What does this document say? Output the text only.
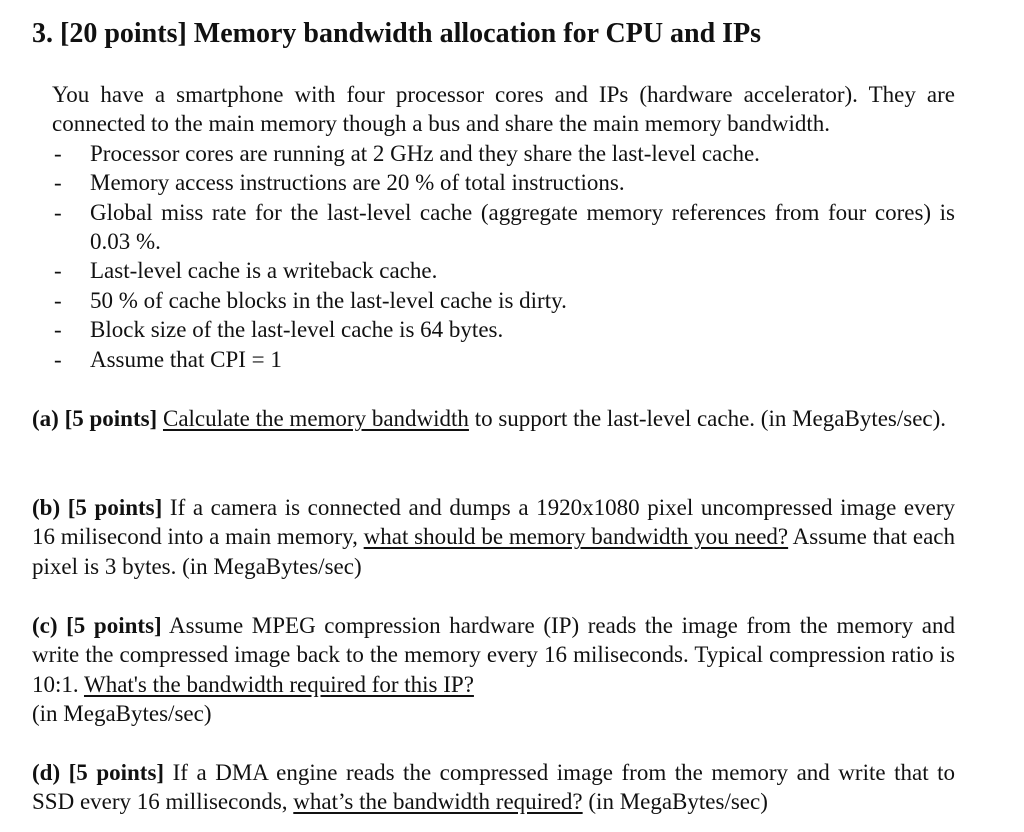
3. [20 points] Memory bandwidth allocation for CPU and IPs

You have a smartphone with four processor cores and IPs (hardware accelerator). They are connected to the main memory though a bus and share the main memory bandwidth.

- Processor cores are running at 2 GHz and they share the last-level cache.
- Memory access instructions are 20 % of total instructions.
- Global miss rate for the last-level cache (aggregate memory references from four cores) is 0.03 %.
- Last-level cache is a writeback cache.
- 50 % of cache blocks in the last-level cache is dirty.
- Block size of the last-level cache is 64 bytes.
- Assume that CPI = 1

(a) [5 points] Calculate the memory bandwidth to support the last-level cache. (in MegaBytes/sec).

(b) [5 points] If a camera is connected and dumps a 1920x1080 pixel uncompressed image every 16 milisecond into a main memory, what should be memory bandwidth you need? Assume that each pixel is 3 bytes. (in MegaBytes/sec)

(c) [5 points] Assume MPEG compression hardware (IP) reads the image from the memory and write the compressed image back to the memory every 16 miliseconds. Typical compression ratio is 10:1. What's the bandwidth required for this IP?
(in MegaBytes/sec)

(d) [5 points] If a DMA engine reads the compressed image from the memory and write that to SSD every 16 milliseconds, what’s the bandwidth required? (in MegaBytes/sec)
